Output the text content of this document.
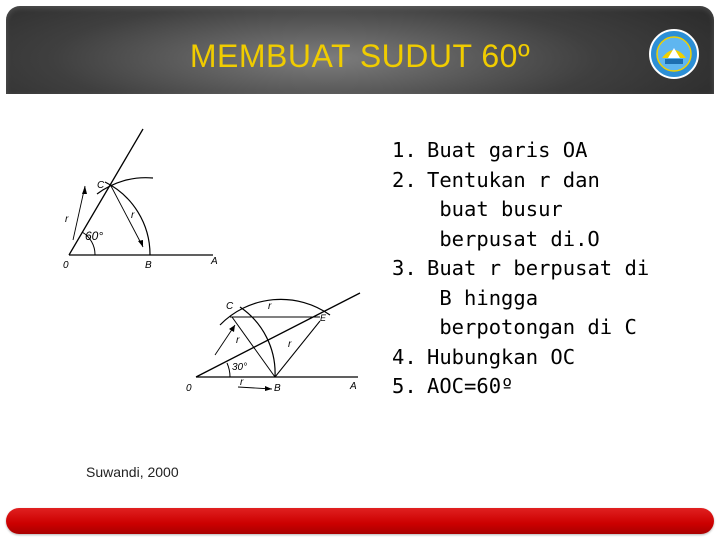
MEMBUAT SUDUT 60º
C
r	r
60°
0	B	A
C	r
E
r	r
30°
r
0	B	A
1. Buat garis OA
2. Tentukan r dan
buat busur
berpusat di.O
3. Buat r berpusat di
B hingga
berpotongan di C
4. Hubungkan OC
5. AOC=60º
Suwandi, 2000
